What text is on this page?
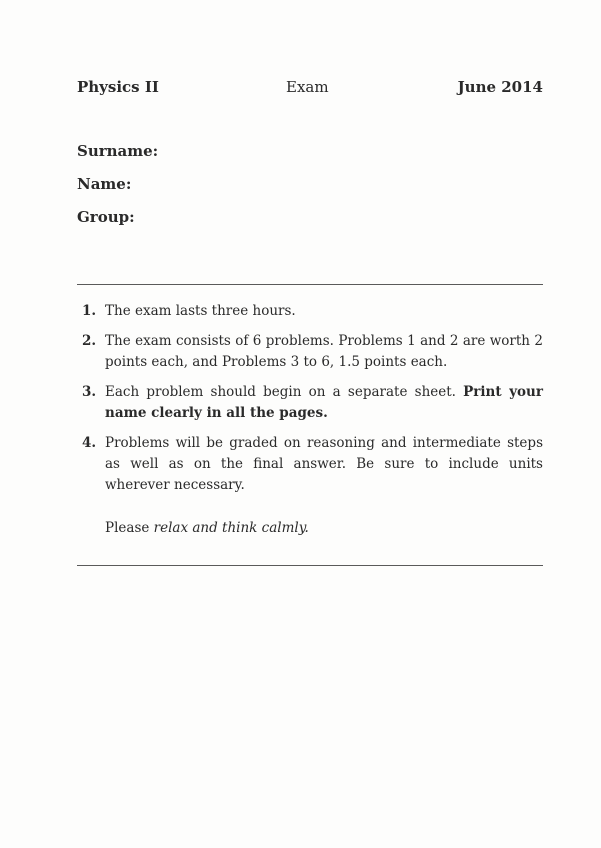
Physics II	Exam	June 2014
Surname:
Name:
Group:
1. The exam lasts three hours.
2. The exam consists of 6 problems. Problems 1 and 2 are worth 2 points each, and Problems 3 to 6, 1.5 points each.
3. Each problem should begin on a separate sheet. Print your name clearly in all the pages.
4. Problems will be graded on reasoning and intermediate steps as well as on the final answer. Be sure to include units wherever necessary.
Please relax and think calmly.
